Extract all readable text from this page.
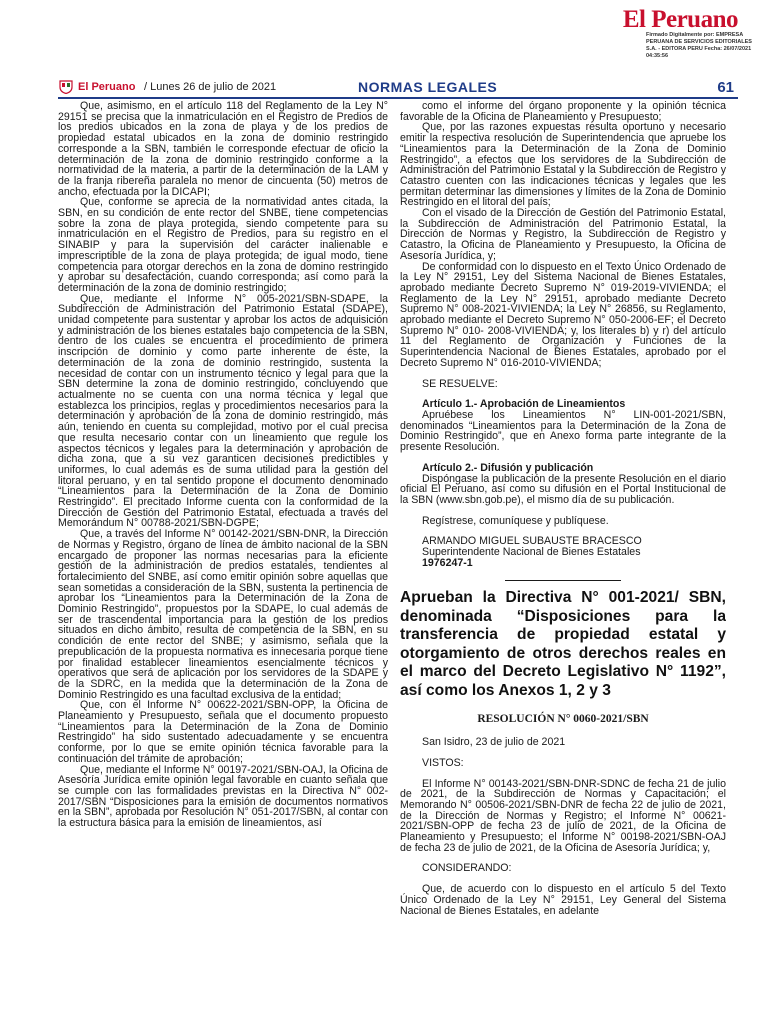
El Peruano
Firmado Digitalmente por: EMPRESA PERUANA DE SERVICIOS EDITORIALES S.A. - EDITORA PERU Fecha: 26/07/2021 04:35:56
El Peruano / Lunes 26 de julio de 2021	NORMAS LEGALES	61

Que, asimismo, en el artículo 118 del Reglamento de la Ley N° 29151 se precisa que la inmatriculación en el Registro de Predios de los predios ubicados en la zona de playa y de los predios de propiedad estatal ubicados en la zona de dominio restringido corresponde a la SBN, también le corresponde efectuar de oficio la determinación de la zona de dominio restringido conforme a la normatividad de la materia, a partir de la determinación de la LAM y de la franja ribereña paralela no menor de cincuenta (50) metros de ancho, efectuada por la DICAPI;

Que, conforme se aprecia de la normatividad antes citada, la SBN, en su condición de ente rector del SNBE, tiene competencias sobre la zona de playa protegida, siendo competente para su inmatriculación en el Registro de Predios, para su registro en el SINABIP y para la supervisión del carácter inalienable e imprescriptible de la zona de playa protegida; de igual modo, tiene competencia para otorgar derechos en la zona de domino restringido y aprobar su desafectación, cuando corresponda; así como para la determinación de la zona de dominio restringido;

Que, mediante el Informe N° 005-2021/SBN-SDAPE, la Subdirección de Administración del Patrimonio Estatal (SDAPE), unidad competente para sustentar y aprobar los actos de adquisición y administración de los bienes estatales bajo competencia de la SBN, dentro de los cuales se encuentra el procedimiento de primera inscripción de dominio y como parte inherente de éste, la determinación de la zona de dominio restringido, sustenta la necesidad de contar con un instrumento técnico y legal para que la SBN determine la zona de dominio restringido, concluyendo que actualmente no se cuenta con una norma técnica y legal que establezca los principios, reglas y procedimientos necesarios para la determinación y aprobación de la zona de dominio restringido, más aún, teniendo en cuenta su complejidad, motivo por el cual precisa que resulta necesario contar con un lineamiento que regule los aspectos técnicos y legales para la determinación y aprobación de dicha zona, que a su vez garanticen decisiones predictibles y uniformes, lo cual además es de suma utilidad para la gestión del litoral peruano, y en tal sentido propone el documento denominado “Lineamientos para la Determinación de la Zona de Dominio Restringido”. El precitado Informe cuenta con la conformidad de la Dirección de Gestión del Patrimonio Estatal, efectuada a través del Memorándum N° 00788-2021/SBN-DGPE;

Que, a través del Informe N° 00142-2021/SBN-DNR, la Dirección de Normas y Registro, órgano de línea de ámbito nacional de la SBN encargado de proponer las normas necesarias para la eficiente gestión de la administración de predios estatales, tendientes al fortalecimiento del SNBE, así como emitir opinión sobre aquellas que sean sometidas a consideración de la SBN, sustenta la pertinencia de aprobar los “Lineamientos para la Determinación de la Zona de Dominio Restringido”, propuestos por la SDAPE, lo cual además de ser de trascendental importancia para la gestión de los predios situados en dicho ámbito, resulta de competencia de la SBN, en su condición de ente rector del SNBE; y asimismo, señala que la prepublicación de la propuesta normativa es innecesaria porque tiene por finalidad establecer lineamientos esencialmente técnicos y operativos que será de aplicación por los servidores de la SDAPE y de la SDRC, en la medida que la determinación de la Zona de Dominio Restringido es una facultad exclusiva de la entidad;

Que, con el Informe N° 00622-2021/SBN-OPP, la Oficina de Planeamiento y Presupuesto, señala que el documento propuesto “Lineamientos para la Determinación de la Zona de Dominio Restringido” ha sido sustentado adecuadamente y se encuentra conforme, por lo que se emite opinión técnica favorable para la continuación del trámite de aprobación;

Que, mediante el Informe N° 00197-2021/SBN-OAJ, la Oficina de Asesoría Jurídica emite opinión legal favorable en cuanto señala que se cumple con las formalidades previstas en la Directiva N° 002-2017/SBN “Disposiciones para la emisión de documentos normativos en la SBN”, aprobada por Resolución N° 051-2017/SBN, al contar con la estructura básica para la emisión de lineamientos, así

como el informe del órgano proponente y la opinión técnica favorable de la Oficina de Planeamiento y Presupuesto;

Que, por las razones expuestas resulta oportuno y necesario emitir la respectiva resolución de Superintendencia que apruebe los “Lineamientos para la Determinación de la Zona de Dominio Restringido”, a efectos que los servidores de la Subdirección de Administración del Patrimonio Estatal y la Subdirección de Registro y Catastro cuenten con las indicaciones técnicas y legales que les permitan determinar las dimensiones y límites de la Zona de Dominio Restringido en el litoral del país;

Con el visado de la Dirección de Gestión del Patrimonio Estatal, la Subdirección de Administración del Patrimonio Estatal, la Dirección de Normas y Registro, la Subdirección de Registro y Catastro, la Oficina de Planeamiento y Presupuesto, la Oficina de Asesoría Jurídica, y;

De conformidad con lo dispuesto en el Texto Único Ordenado de la Ley N° 29151, Ley del Sistema Nacional de Bienes Estatales, aprobado mediante Decreto Supremo N° 019-2019-VIVIENDA; el Reglamento de la Ley N° 29151, aprobado mediante Decreto Supremo N° 008-2021-VIVIENDA; la Ley N° 26856, su Reglamento, aprobado mediante el Decreto Supremo N° 050-2006-EF; el Decreto Supremo N° 010- 2008-VIVIENDA; y, los literales b) y r) del artículo 11 del Reglamento de Organización y Funciones de la Superintendencia Nacional de Bienes Estatales, aprobado por el Decreto Supremo N° 016-2010-VIVIENDA;

SE RESUELVE:

Artículo 1.- Aprobación de Lineamientos

Apruébese los Lineamientos N° LIN-001-2021/SBN, denominados “Lineamientos para la Determinación de la Zona de Dominio Restringido”, que en Anexo forma parte integrante de la presente Resolución.

Artículo 2.- Difusión y publicación

Dispóngase la publicación de la presente Resolución en el diario oficial El Peruano, así como su difusión en el Portal Institucional de la SBN (www.sbn.gob.pe), el mismo día de su publicación.

Regístrese, comuníquese y publíquese.

ARMANDO MIGUEL SUBAUSTE BRACESCO

Superintendente Nacional de Bienes Estatales

1976247-1

Aprueban la Directiva N° 001-2021/ SBN, denominada “Disposiciones para la transferencia de propiedad estatal y otorgamiento de otros derechos reales en el marco del Decreto Legislativo N° 1192”, así como los Anexos 1, 2 y 3
RESOLUCIÓN N° 0060-2021/SBN

San Isidro, 23 de julio de 2021

VISTOS:

El Informe N° 00143-2021/SBN-DNR-SDNC de fecha 21 de julio de 2021, de la Subdirección de Normas y Capacitación; el Memorando N° 00506-2021/SBN-DNR de fecha 22 de julio de 2021, de la Dirección de Normas y Registro; el Informe N° 00621-2021/SBN-OPP de fecha 23 de julio de 2021, de la Oficina de Planeamiento y Presupuesto; el Informe N° 00198-2021/SBN-OAJ de fecha 23 de julio de 2021, de la Oficina de Asesoría Jurídica; y,

CONSIDERANDO:

Que, de acuerdo con lo dispuesto en el artículo 5 del Texto Único Ordenado de la Ley N° 29151, Ley General del Sistema Nacional de Bienes Estatales, en adelante
